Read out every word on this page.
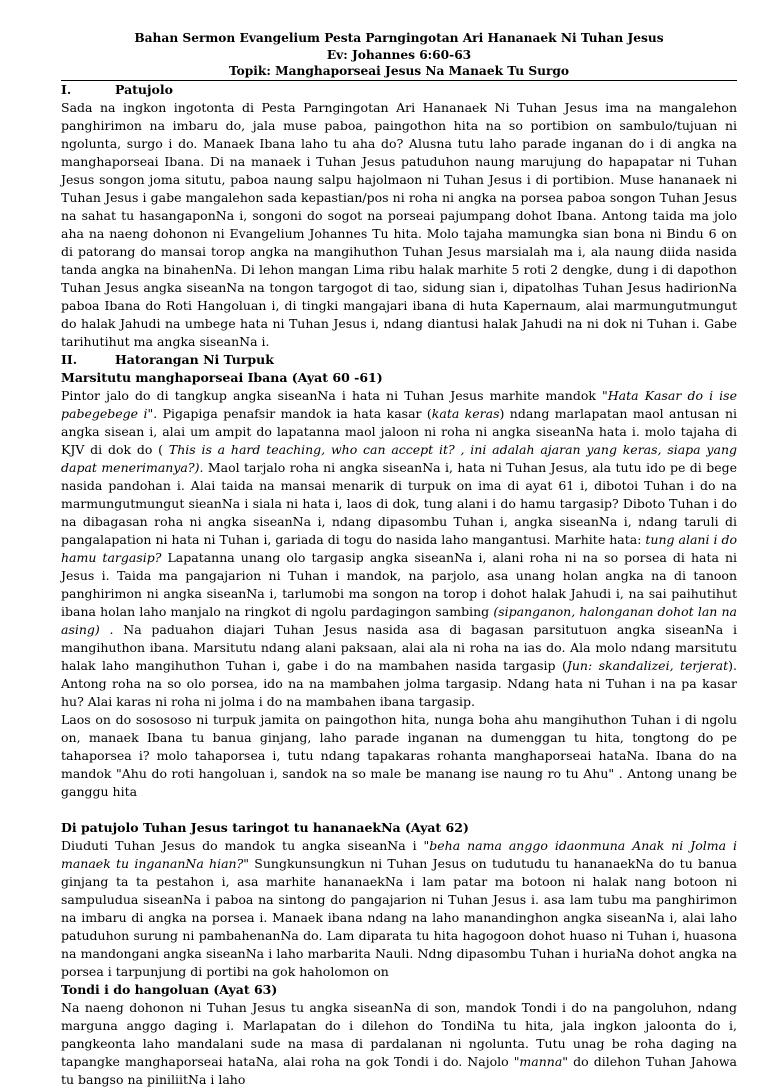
Bahan Sermon Evangelium Pesta Parngingotan Ari Hananaek Ni Tuhan Jesus
Ev: Johannes 6:60-63
Topik: Manghaporseai Jesus Na Manaek Tu Surgo
I.	Patujolo

Sada na ingkon ingotonta di Pesta Parngingotan Ari Hananaek Ni Tuhan Jesus ima na mangalehon panghirimon na imbaru do, jala muse paboa, paingothon hita na so portibion on sambulo/tujuan ni ngolunta, surgo i do. Manaek Ibana laho tu aha do? Alusna tutu laho parade inganan do i di angka na manghaporseai Ibana. Di na manaek i Tuhan Jesus patuduhon naung marujung do hapapatar ni Tuhan Jesus songon joma situtu, paboa naung salpu hajolmaon ni Tuhan Jesus i di portibion. Muse hananaek ni Tuhan Jesus i gabe mangalehon sada kepastian/pos ni roha ni angka na porsea paboa songon Tuhan Jesus na sahat tu hasangaponNa i, songoni do sogot na porseai pajumpang dohot Ibana. Antong taida ma jolo aha na naeng dohonon ni Evangelium Johannes Tu hita. Molo tajaha mamungka sian bona ni Bindu 6 on di patorang do mansai torop angka na mangihuthon Tuhan Jesus marsialah ma i, ala naung diida nasida tanda angka na binahenNa. Di lehon mangan Lima ribu halak marhite 5 roti 2 dengke, dung i di dapothon Tuhan Jesus angka siseanNa na tongon targogot di tao, sidung sian i, dipatolhas Tuhan Jesus hadirionNa paboa Ibana do Roti Hangoluan i, di tingki mangajari ibana di huta Kapernaum, alai marmungutmungut do halak Jahudi na umbege hata ni Tuhan Jesus i, ndang diantusi halak Jahudi na ni dok ni Tuhan i. Gabe tarihutihut ma angka siseanNa i.

II.	Hatorangan Ni Turpuk
Marsitutu manghaporseai Ibana (Ayat 60 -61)

Pintor jalo do di tangkup angka siseanNa i hata ni Tuhan Jesus marhite mandok "Hata Kasar do i ise pabegebege i". Pigapiga penafsir mandok ia hata kasar (kata keras) ndang marlapatan maol antusan ni angka sisean i, alai um ampit do lapatanna maol jaloon ni roha ni angka siseanNa hata i. molo tajaha di KJV di dok do ( This is a hard teaching, who can accept it? , ini adalah ajaran yang keras, siapa yang dapat menerimanya?). Maol tarjalo roha ni angka siseanNa i, hata ni Tuhan Jesus, ala tutu ido pe di bege nasida pandohan i. Alai taida na mansai menarik di turpuk on ima di ayat 61 i, dibotoi Tuhan i do na marmungutmungut sieanNa i siala ni hata i, laos di dok, tung alani i do hamu targasip? Diboto Tuhan i do na dibagasan roha ni angka siseanNa i, ndang dipasombu Tuhan i, angka siseanNa i, ndang taruli di pangalapation ni hata ni Tuhan i, gariada di togu do nasida laho mangantusi. Marhite hata: tung alani i do hamu targasip? Lapatanna unang olo targasip angka siseanNa i, alani roha ni na so porsea di hata ni Jesus i. Taida ma pangajarion ni Tuhan i mandok, na parjolo, asa unang holan angka na di tanoon panghirimon ni angka siseanNa i, tarlumobi ma songon na torop i dohot halak Jahudi i, na sai paihutihut ibana holan laho manjalo na ringkot di ngolu pardagingon sambing (sipanganon, halonganan dohot lan na asing) . Na paduahon diajari Tuhan Jesus nasida asa di bagasan parsitutuon angka siseanNa i mangihuthon ibana. Marsitutu ndang alani paksaan, alai ala ni roha na ias do. Ala molo ndang marsitutu halak laho mangihuthon Tuhan i, gabe i do na mambahen nasida targasip (Jun: skandalizei, terjerat). Antong roha na so olo porsea, ido na na mambahen jolma targasip. Ndang hata ni Tuhan i na pa kasar hu? Alai karas ni roha ni jolma i do na mambahen ibana targasip.

Laos on do sosososo ni turpuk jamita on paingothon hita, nunga boha ahu mangihuthon Tuhan i di ngolu on, manaek Ibana tu banua ginjang, laho parade inganan na dumenggan tu hita, tongtong do pe tahaporsea i? molo tahaporsea i, tutu ndang tapakaras rohanta manghaporseai hataNa. Ibana do na mandok "Ahu do roti hangoluan i, sandok na so male be manang ise naung ro tu Ahu" . Antong unang be ganggu hita

Di patujolo Tuhan Jesus taringot tu hananaekNa (Ayat 62)

Diuduti Tuhan Jesus do mandok tu angka siseanNa i "beha nama anggo idaonmuna Anak ni Jolma i manaek tu ingananNa hian?" Sungkunsungkun ni Tuhan Jesus on tudutudu tu hananaekNa do tu banua ginjang ta ta pestahon i, asa marhite hananaekNa i lam patar ma botoon ni halak nang botoon ni sampuludua siseanNa i paboa na sintong do pangajarion ni Tuhan Jesus i. asa lam tubu ma panghirimon na imbaru di angka na porsea i. Manaek ibana ndang na laho manandinghon angka siseanNa i, alai laho patuduhon surung ni pambahenanNa do. Lam diparata tu hita hagogoon dohot huaso ni Tuhan i, huasona na mandongani angka siseanNa i laho marbarita Nauli. Ndng dipasombu Tuhan i huriaNa dohot angka na porsea i tarpunjung di portibi na gok haholomon on

Tondi i do hangoluan (Ayat 63)

Na naeng dohonon ni Tuhan Jesus tu angka siseanNa di son, mandok Tondi i do na pangoluhon, ndang marguna anggo daging i. Marlapatan do i dilehon do TondiNa tu hita, jala ingkon jaloonta do i, pangkeonta laho mandalani sude na masa di pardalanan ni ngolunta. Tutu unag be roha daging na tapangke manghaporseai hataNa, alai roha na gok Tondi i do. Najolo "manna" do dilehon Tuhan Jahowa tu bangso na piniliitNa i laho
